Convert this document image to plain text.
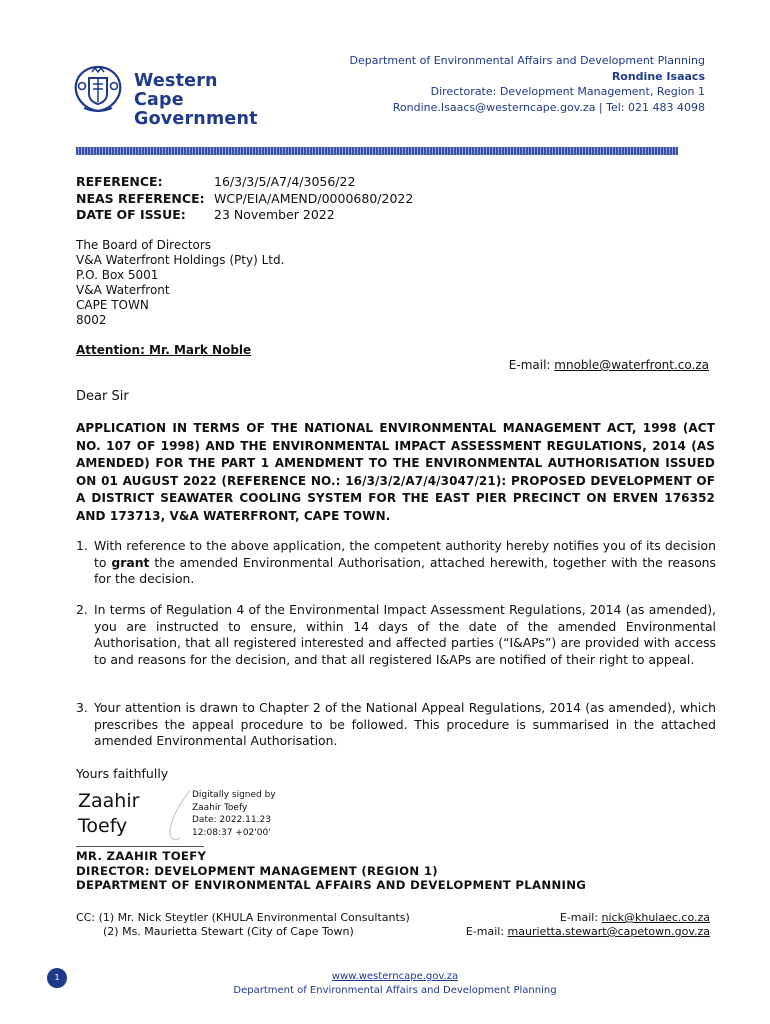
Western Cape
Government
Department of Environmental Affairs and Development Planning
Rondine Isaacs
Directorate: Development Management, Region 1
Rondine.Isaacs@westerncape.gov.za | Tel: 021 483 4098
REFERENCE:	16/3/3/5/A7/4/3056/22
NEAS REFERENCE: WCP/EIA/AMEND/0000680/2022
DATE OF ISSUE: 23 November 2022
The Board of Directors
V&A Waterfront Holdings (Pty) Ltd.
P.O. Box 5001
V&A Waterfront
CAPE TOWN
8002
Attention: Mr. Mark Noble
E-mail: mnoble@waterfront.co.za
Dear Sir
APPLICATION IN TERMS OF THE NATIONAL ENVIRONMENTAL MANAGEMENT ACT, 1998 (ACT NO. 107 OF 1998) AND THE ENVIRONMENTAL IMPACT ASSESSMENT REGULATIONS, 2014 (AS AMENDED) FOR THE PART 1 AMENDMENT TO THE ENVIRONMENTAL AUTHORISATION ISSUED ON 01 AUGUST 2022 (REFERENCE NO.: 16/3/3/2/A7/4/3047/21): PROPOSED DEVELOPMENT OF A DISTRICT SEAWATER COOLING SYSTEM FOR THE EAST PIER PRECINCT ON ERVEN 176352 AND 173713, V&A WATERFRONT, CAPE TOWN.
1. With reference to the above application, the competent authority hereby notifies you of its decision to grant the amended Environmental Authorisation, attached herewith, together with the reasons for the decision.
2. In terms of Regulation 4 of the Environmental Impact Assessment Regulations, 2014 (as amended), you are instructed to ensure, within 14 days of the date of the amended Environmental Authorisation, that all registered interested and affected parties (“I&APs”) are provided with access to and reasons for the decision, and that all registered I&APs are notified of their right to appeal.
3. Your attention is drawn to Chapter 2 of the National Appeal Regulations, 2014 (as amended), which prescribes the appeal procedure to be followed. This procedure is summarised in the attached amended Environmental Authorisation.
Yours faithfully
Zaahir
Toefy
Digitally signed by
Zaahir Toefy
Date: 2022.11.23
12:08:37 +02'00'
MR. ZAAHIR TOEFY
DIRECTOR: DEVELOPMENT MANAGEMENT (REGION 1)
DEPARTMENT OF ENVIRONMENTAL AFFAIRS AND DEVELOPMENT PLANNING
CC: (1) Mr. Nick Steytler (KHULA Environmental Consultants)
(2) Ms. Maurietta Stewart (City of Cape Town)
E-mail: nick@khulaec.co.za
E-mail: maurietta.stewart@capetown.gov.za
1	www.westerncape.gov.za
Department of Environmental Affairs and Development Planning
